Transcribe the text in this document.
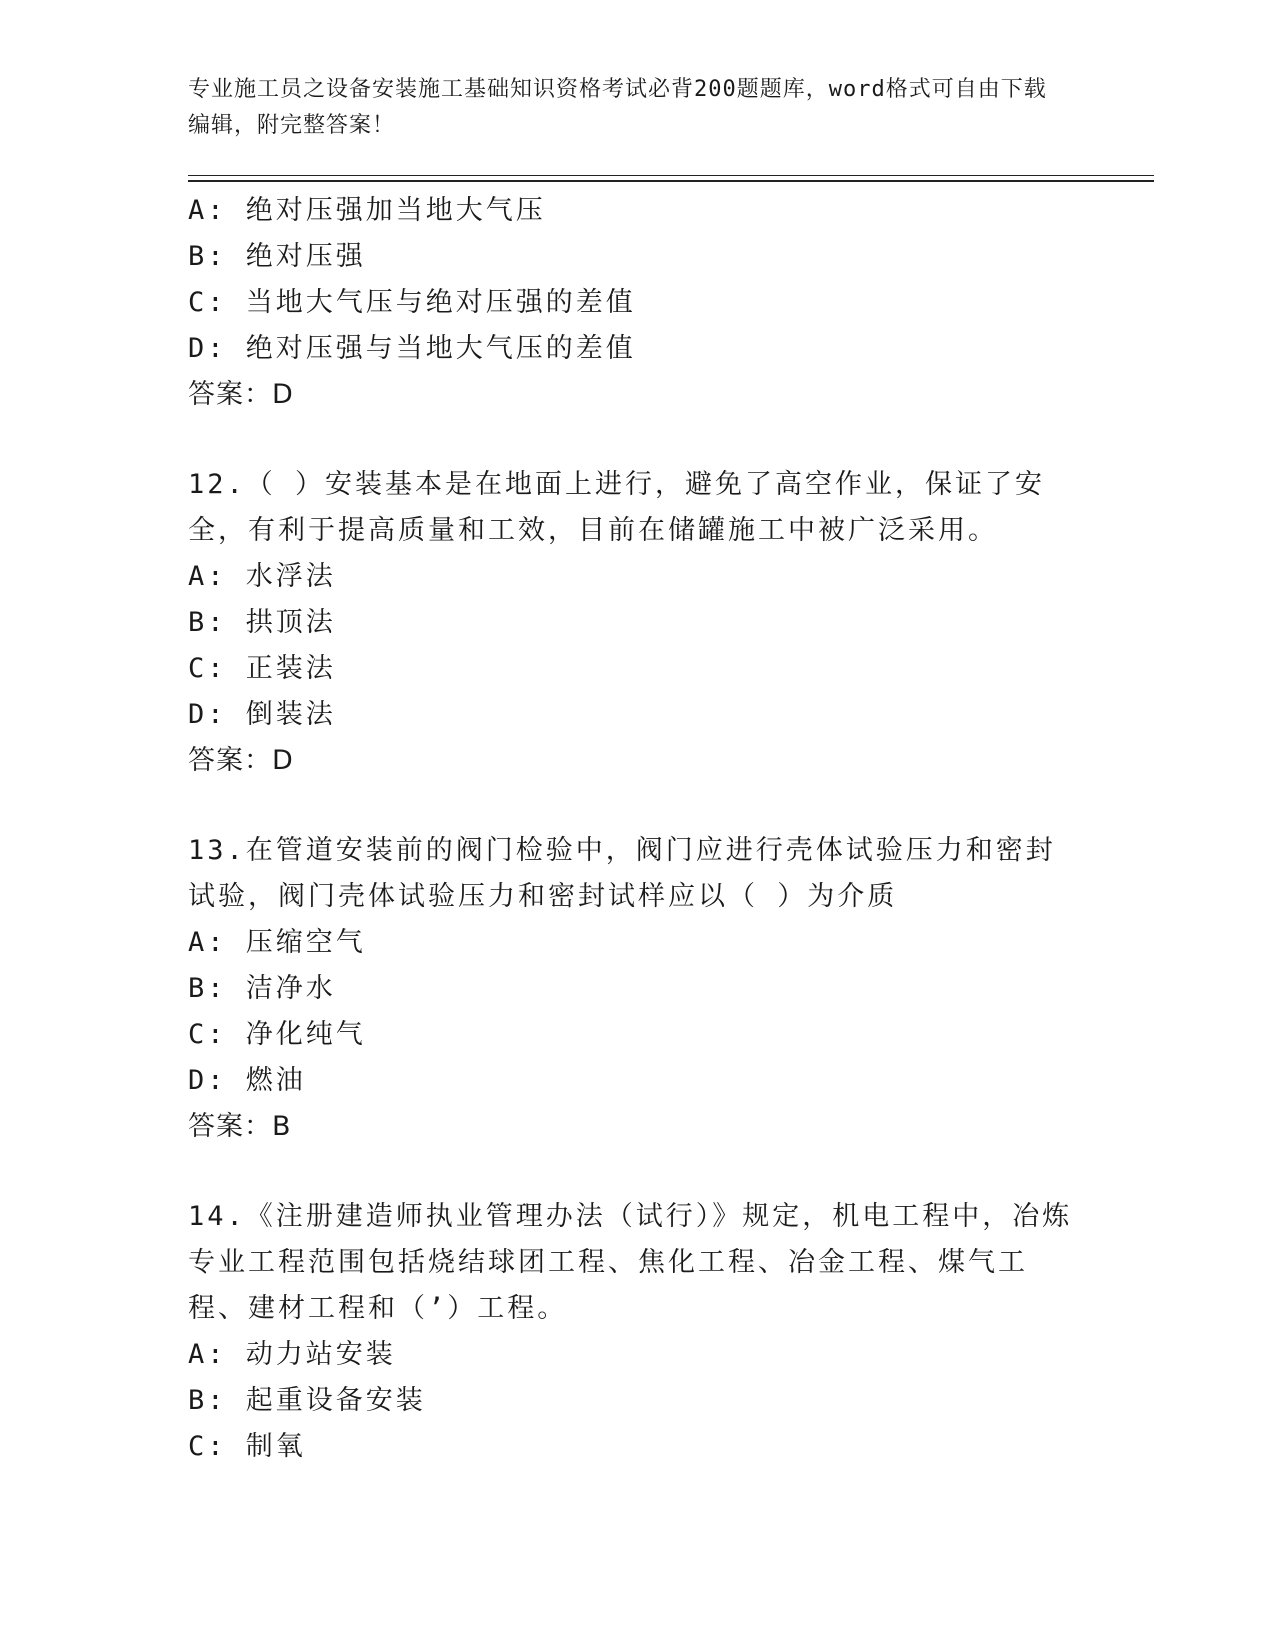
专业施工员之设备安装施工基础知识资格考试必背200题题库，word格式可自由下载编辑，附完整答案！
A: 绝对压强加当地大气压
B: 绝对压强
C: 当地大气压与绝对压强的差值
D: 绝对压强与当地大气压的差值
答案：D
12.（ ）安装基本是在地面上进行，避免了高空作业，保证了安全，有利于提高质量和工效，目前在储罐施工中被广泛采用。
A: 水浮法
B: 拱顶法
C: 正装法
D: 倒装法
答案：D
13.在管道安装前的阀门检验中，阀门应进行壳体试验压力和密封试验，阀门壳体试验压力和密封试样应以（ ）为介质
A: 压缩空气
B: 洁净水
C: 净化纯气
D: 燃油
答案：B
14.《注册建造师执业管理办法（试行）》规定，机电工程中，冶炼专业工程范围包括烧结球团工程、焦化工程、冶金工程、煤气工程、建材工程和（’）工程。
A: 动力站安装
B: 起重设备安装
C: 制氧
